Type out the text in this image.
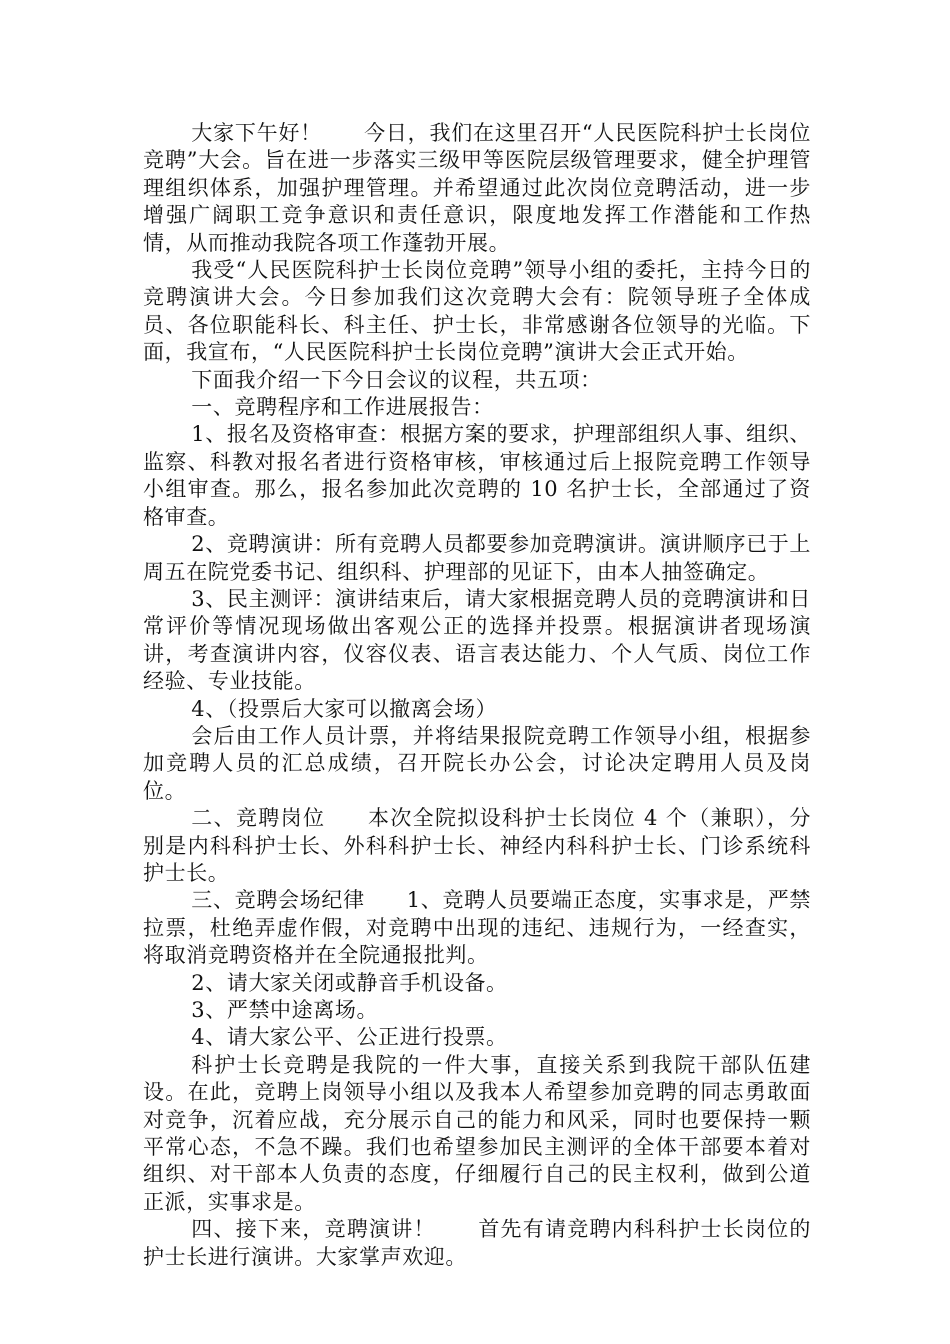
大家下午好！ 今日，我们在这里召开“人民医院科护士长岗位竞聘”大会。旨在进一步落实三级甲等医院层级管理要求，健全护理管理组织体系，加强护理管理。并希望通过此次岗位竞聘活动，进一步增强广阔职工竞争意识和责任意识，限度地发挥工作潜能和工作热情，从而推动我院各项工作蓬勃开展。

我受“人民医院科护士长岗位竞聘”领导小组的委托，主持今日的竞聘演讲大会。今日参加我们这次竞聘大会有：院领导班子全体成员、各位职能科长、科主任、护士长，非常感谢各位领导的光临。下面，我宣布，“人民医院科护士长岗位竞聘”演讲大会正式开始。

下面我介绍一下今日会议的议程，共五项：

一、竞聘程序和工作进展报告：

1、报名及资格审查：根据方案的要求，护理部组织人事、组织、监察、科教对报名者进行资格审核，审核通过后上报院竞聘工作领导小组审查。那么，报名参加此次竞聘的 10 名护士长，全部通过了资格审查。

2、竞聘演讲：所有竞聘人员都要参加竞聘演讲。演讲顺序已于上周五在院党委书记、组织科、护理部的见证下，由本人抽签确定。

3、民主测评：演讲结束后，请大家根据竞聘人员的竞聘演讲和日常评价等情况现场做出客观公正的选择并投票。根据演讲者现场演讲，考查演讲内容，仪容仪表、语言表达能力、个人气质、岗位工作经验、专业技能。

4、（投票后大家可以撤离会场）

会后由工作人员计票，并将结果报院竞聘工作领导小组，根据参加竞聘人员的汇总成绩，召开院长办公会，讨论决定聘用人员及岗位。

二、竞聘岗位 本次全院拟设科护士长岗位 4 个（兼职），分别是内科科护士长、外科科护士长、神经内科科护士长、门诊系统科护士长。

三、竞聘会场纪律 1、竞聘人员要端正态度，实事求是，严禁拉票，杜绝弄虚作假，对竞聘中出现的违纪、违规行为，一经查实，将取消竞聘资格并在全院通报批判。

2、请大家关闭或静音手机设备。

3、严禁中途离场。

4、请大家公平、公正进行投票。

科护士长竞聘是我院的一件大事，直接关系到我院干部队伍建设。在此，竞聘上岗领导小组以及我本人希望参加竞聘的同志勇敢面对竞争，沉着应战，充分展示自己的能力和风采，同时也要保持一颗平常心态，不急不躁。我们也希望参加民主测评的全体干部要本着对组织、对干部本人负责的态度，仔细履行自己的民主权利，做到公道正派，实事求是。

四、接下来，竞聘演讲！ 首先有请竞聘内科科护士长岗位的护士长进行演讲。大家掌声欢迎。
